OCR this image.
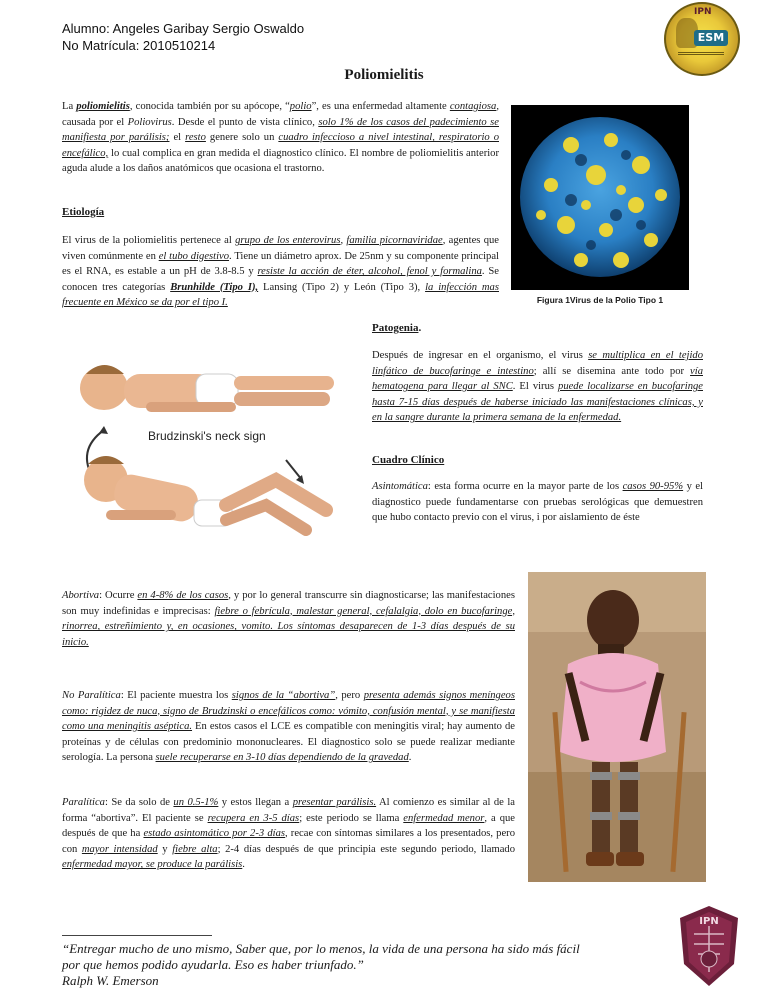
Alumno: Angeles Garibay Sergio Oswaldo
No Matrícula: 2010510214
IPN
ESM
Poliomielitis
La poliomielitis, conocida también por su apócope, “polio”, es una enfermedad altamente contagiosa, causada por el Poliovirus. Desde el punto de vista clínico, solo 1% de los casos del padecimiento se manifiesta por parálisis; el resto genere solo un cuadro infeccioso a nivel intestinal, respiratorio o encefálico, lo cual complica en gran medida el diagnostico clínico. El nombre de poliomielitis anterior aguda alude a los daños anatómicos que ocasiona el trastorno.
Figura 1Virus de la Polio Tipo 1
Etiología
El virus de la poliomielitis pertenece al grupo de los enterovirus, familia picornaviridae, agentes que viven comúnmente en el tubo digestivo. Tiene un diámetro aprox. De 25nm y su componente principal es el RNA, es estable a un pH de 3.8-8.5 y resiste la acción de éter, alcohol, fenol y formalina. Se conocen tres categorías Brunhilde (Tipo I), Lansing (Tipo 2) y León (Tipo 3), la infección mas frecuente en México se da por el tipo I.
Brudzinski's neck sign
Patogenia.
Después de ingresar en el organismo, el virus se multiplica en el tejido linfático de bucofaringe e intestino; allí se disemina ante todo por vía hematogena para llegar al SNC. El virus puede localizarse en bucofaringe hasta 7-15 días después de haberse iniciado las manifestaciones clínicas, y en la sangre durante la primera semana de la enfermedad.
Cuadro Clínico
Asintomática: esta forma ocurre en la mayor parte de los casos 90-95% y el diagnostico puede fundamentarse con pruebas serológicas que demuestren que hubo contacto previo con el virus, i por aislamiento de éste
Abortiva: Ocurre en 4-8% de los casos, y por lo general transcurre sin diagnosticarse; las manifestaciones son muy indefinidas e imprecisas: fiebre o febrícula, malestar general, cefalalgia, dolo en bucofaringe, rinorrea, estreñimiento y, en ocasiones, vomito. Los síntomas desaparecen de 1-3 días después de su inicio.
No Paralítica: El paciente muestra los signos de la “abortiva”, pero presenta además signos meníngeos como: rigidez de nuca, signo de Brudzinski o encefálicos como: vómito, confusión mental, y se manifiesta como una meningitis aséptica. En estos casos el LCE es compatible con meningitis viral; hay aumento de proteínas y de células con predominio mononucleares. El diagnostico solo se puede realizar mediante serología. La persona suele recuperarse en 3-10 días dependiendo de la gravedad.
Paralítica: Se da solo de un 0.5-1% y estos llegan a presentar parálisis. Al comienzo es similar al de la forma “abortiva”. El paciente se recupera en 3-5 días; este periodo se llama enfermedad menor, a que después de que ha estado asintomático por 2-3 días, recae con síntomas similares a los presentados, pero con mayor intensidad y fiebre alta; 2-4 días después de que principia este segundo periodo, llamado enfermedad mayor, se produce la parálisis.
“Entregar mucho de uno mismo, Saber que, por lo menos, la vida de una persona ha sido más fácil
por que hemos podido ayudarla. Eso es haber triunfado.”
Ralph W. Emerson
IPN
